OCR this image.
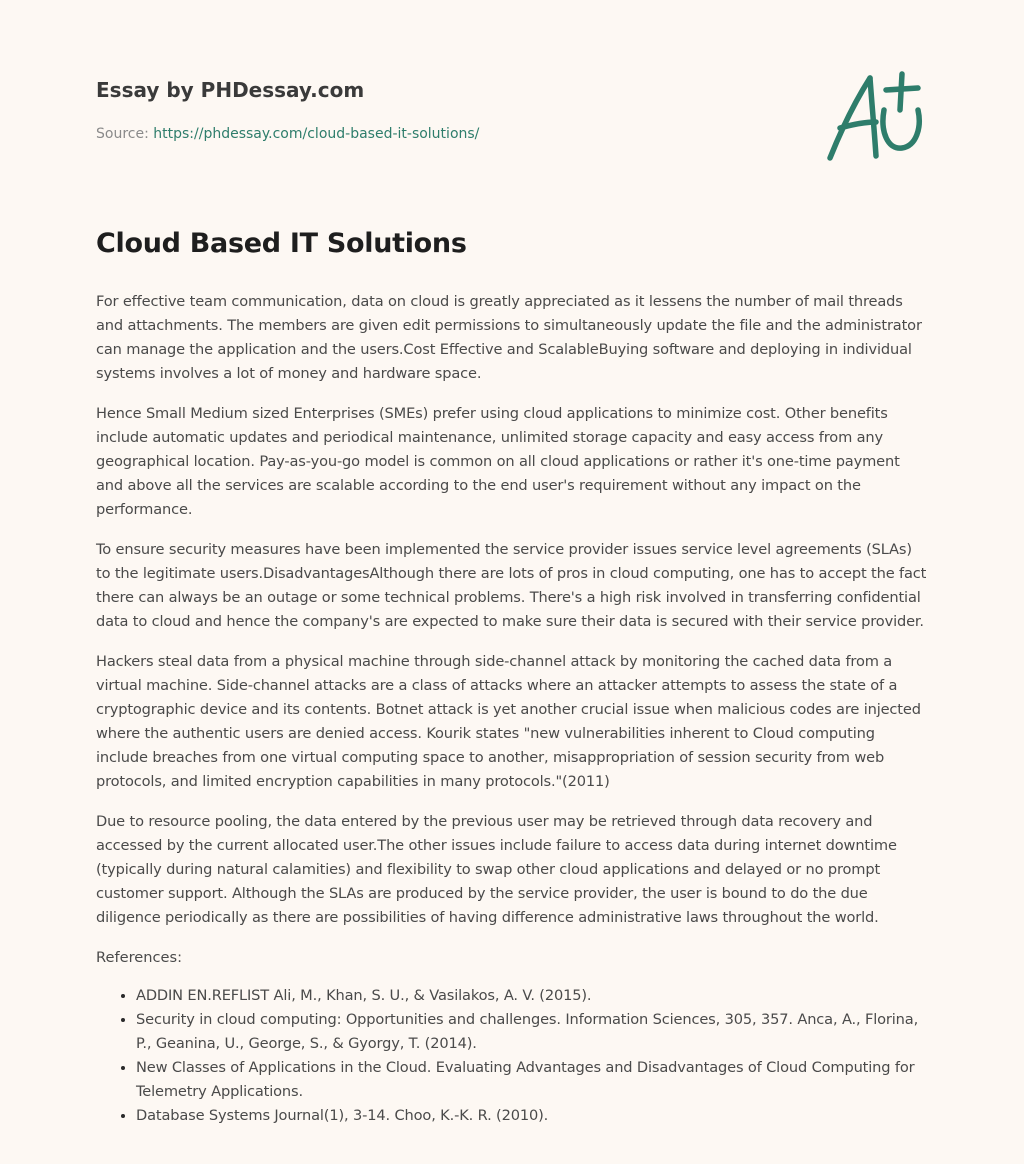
Essay by PHDessay.com
Source: https://phdessay.com/cloud-based-it-solutions/
Cloud Based IT Solutions

For effective team communication, data on cloud is greatly appreciated as it lessens the number of mail threads and attachments. The members are given edit permissions to simultaneously update the file and the administrator can manage the application and the users.Cost Effective and ScalableBuying software and deploying in individual systems involves a lot of money and hardware space.

Hence Small Medium sized Enterprises (SMEs) prefer using cloud applications to minimize cost. Other benefits include automatic updates and periodical maintenance, unlimited storage capacity and easy access from any geographical location. Pay-as-you-go model is common on all cloud applications or rather it's one-time payment and above all the services are scalable according to the end user's requirement without any impact on the performance.

To ensure security measures have been implemented the service provider issues service level agreements (SLAs) to the legitimate users.DisadvantagesAlthough there are lots of pros in cloud computing, one has to accept the fact there can always be an outage or some technical problems. There's a high risk involved in transferring confidential data to cloud and hence the company's are expected to make sure their data is secured with their service provider.

Hackers steal data from a physical machine through side-channel attack by monitoring the cached data from a virtual machine. Side-channel attacks are a class of attacks where an attacker attempts to assess the state of a cryptographic device and its contents. Botnet attack is yet another crucial issue when malicious codes are injected where the authentic users are denied access. Kourik states "new vulnerabilities inherent to Cloud computing include breaches from one virtual computing space to another, misappropriation of session security from web protocols, and limited encryption capabilities in many protocols."(2011)

Due to resource pooling, the data entered by the previous user may be retrieved through data recovery and accessed by the current allocated user.The other issues include failure to access data during internet downtime (typically during natural calamities) and flexibility to swap other cloud applications and delayed or no prompt customer support. Although the SLAs are produced by the service provider, the user is bound to do the due diligence periodically as there are possibilities of having difference administrative laws throughout the world.

References:
• ADDIN EN.REFLIST Ali, M., Khan, S. U., & Vasilakos, A. V. (2015).
• Security in cloud computing: Opportunities and challenges. Information Sciences, 305, 357. Anca, A., Florina, P., Geanina, U., George, S., & Gyorgy, T. (2014).
• New Classes of Applications in the Cloud. Evaluating Advantages and Disadvantages of Cloud Computing for Telemetry Applications.
• Database Systems Journal(1), 3-14. Choo, K.-K. R. (2010).
